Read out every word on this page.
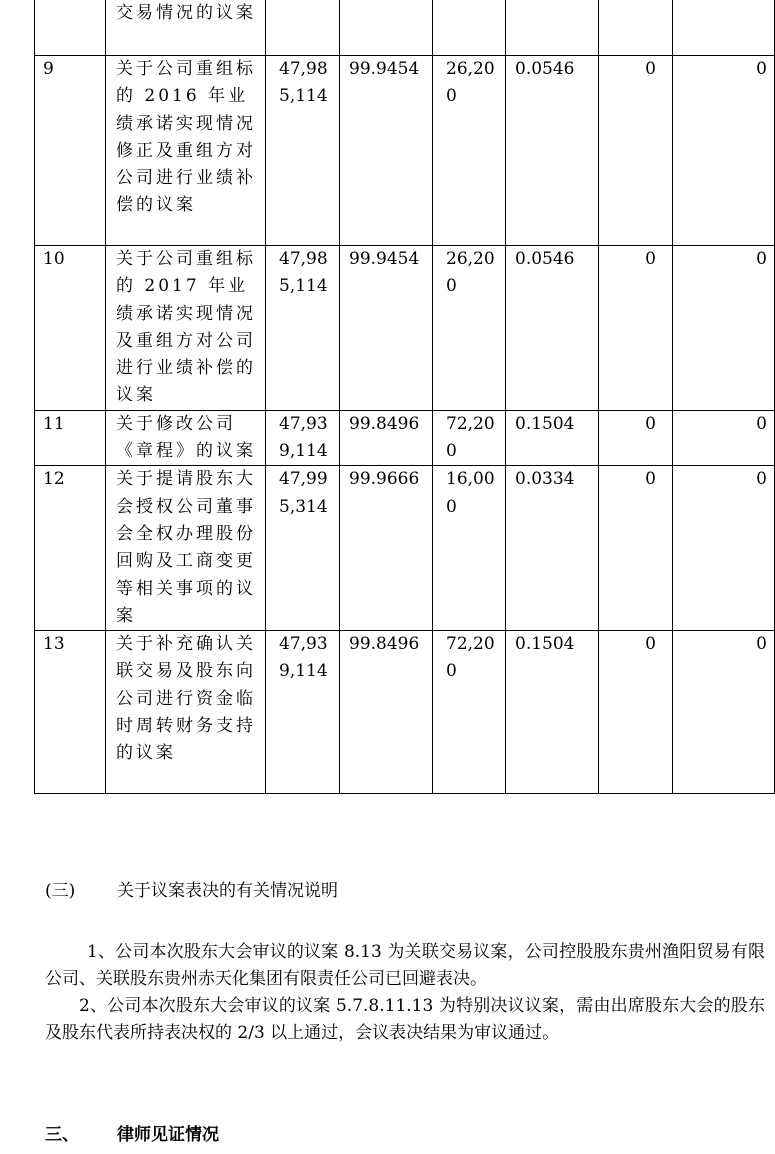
	交易情况的议案						
9	关于公司重组标的 2016 年业绩承诺实现情况修正及重组方对公司进行业绩补偿的议案	47,985,114	99.9454	26,200	0.0546	0	0
10	关于公司重组标的 2017 年业绩承诺实现情况及重组方对公司进行业绩补偿的议案	47,985,114	99.9454	26,200	0.0546	0	0
11	关于修改公司《章程》的议案	47,939,114	99.8496	72,200	0.1504	0	0
12	关于提请股东大会授权公司董事会全权办理股份回购及工商变更等相关事项的议案	47,995,314	99.9666	16,000	0.0334	0	0
13	关于补充确认关联交易及股东向公司进行资金临时周转财务支持的议案	47,939,114	99.8496	72,200	0.1504	0	0
(三) 关于议案表决的有关情况说明
1、公司本次股东大会审议的议案 8.13 为关联交易议案，公司控股股东贵州渔阳贸易有限公司、关联股东贵州赤天化集团有限责任公司已回避表决。
2、公司本次股东大会审议的议案 5.7.8.11.13 为特别决议议案，需由出席股东大会的股东及股东代表所持表决权的 2/3 以上通过，会议表决结果为审议通过。
三、 律师见证情况
